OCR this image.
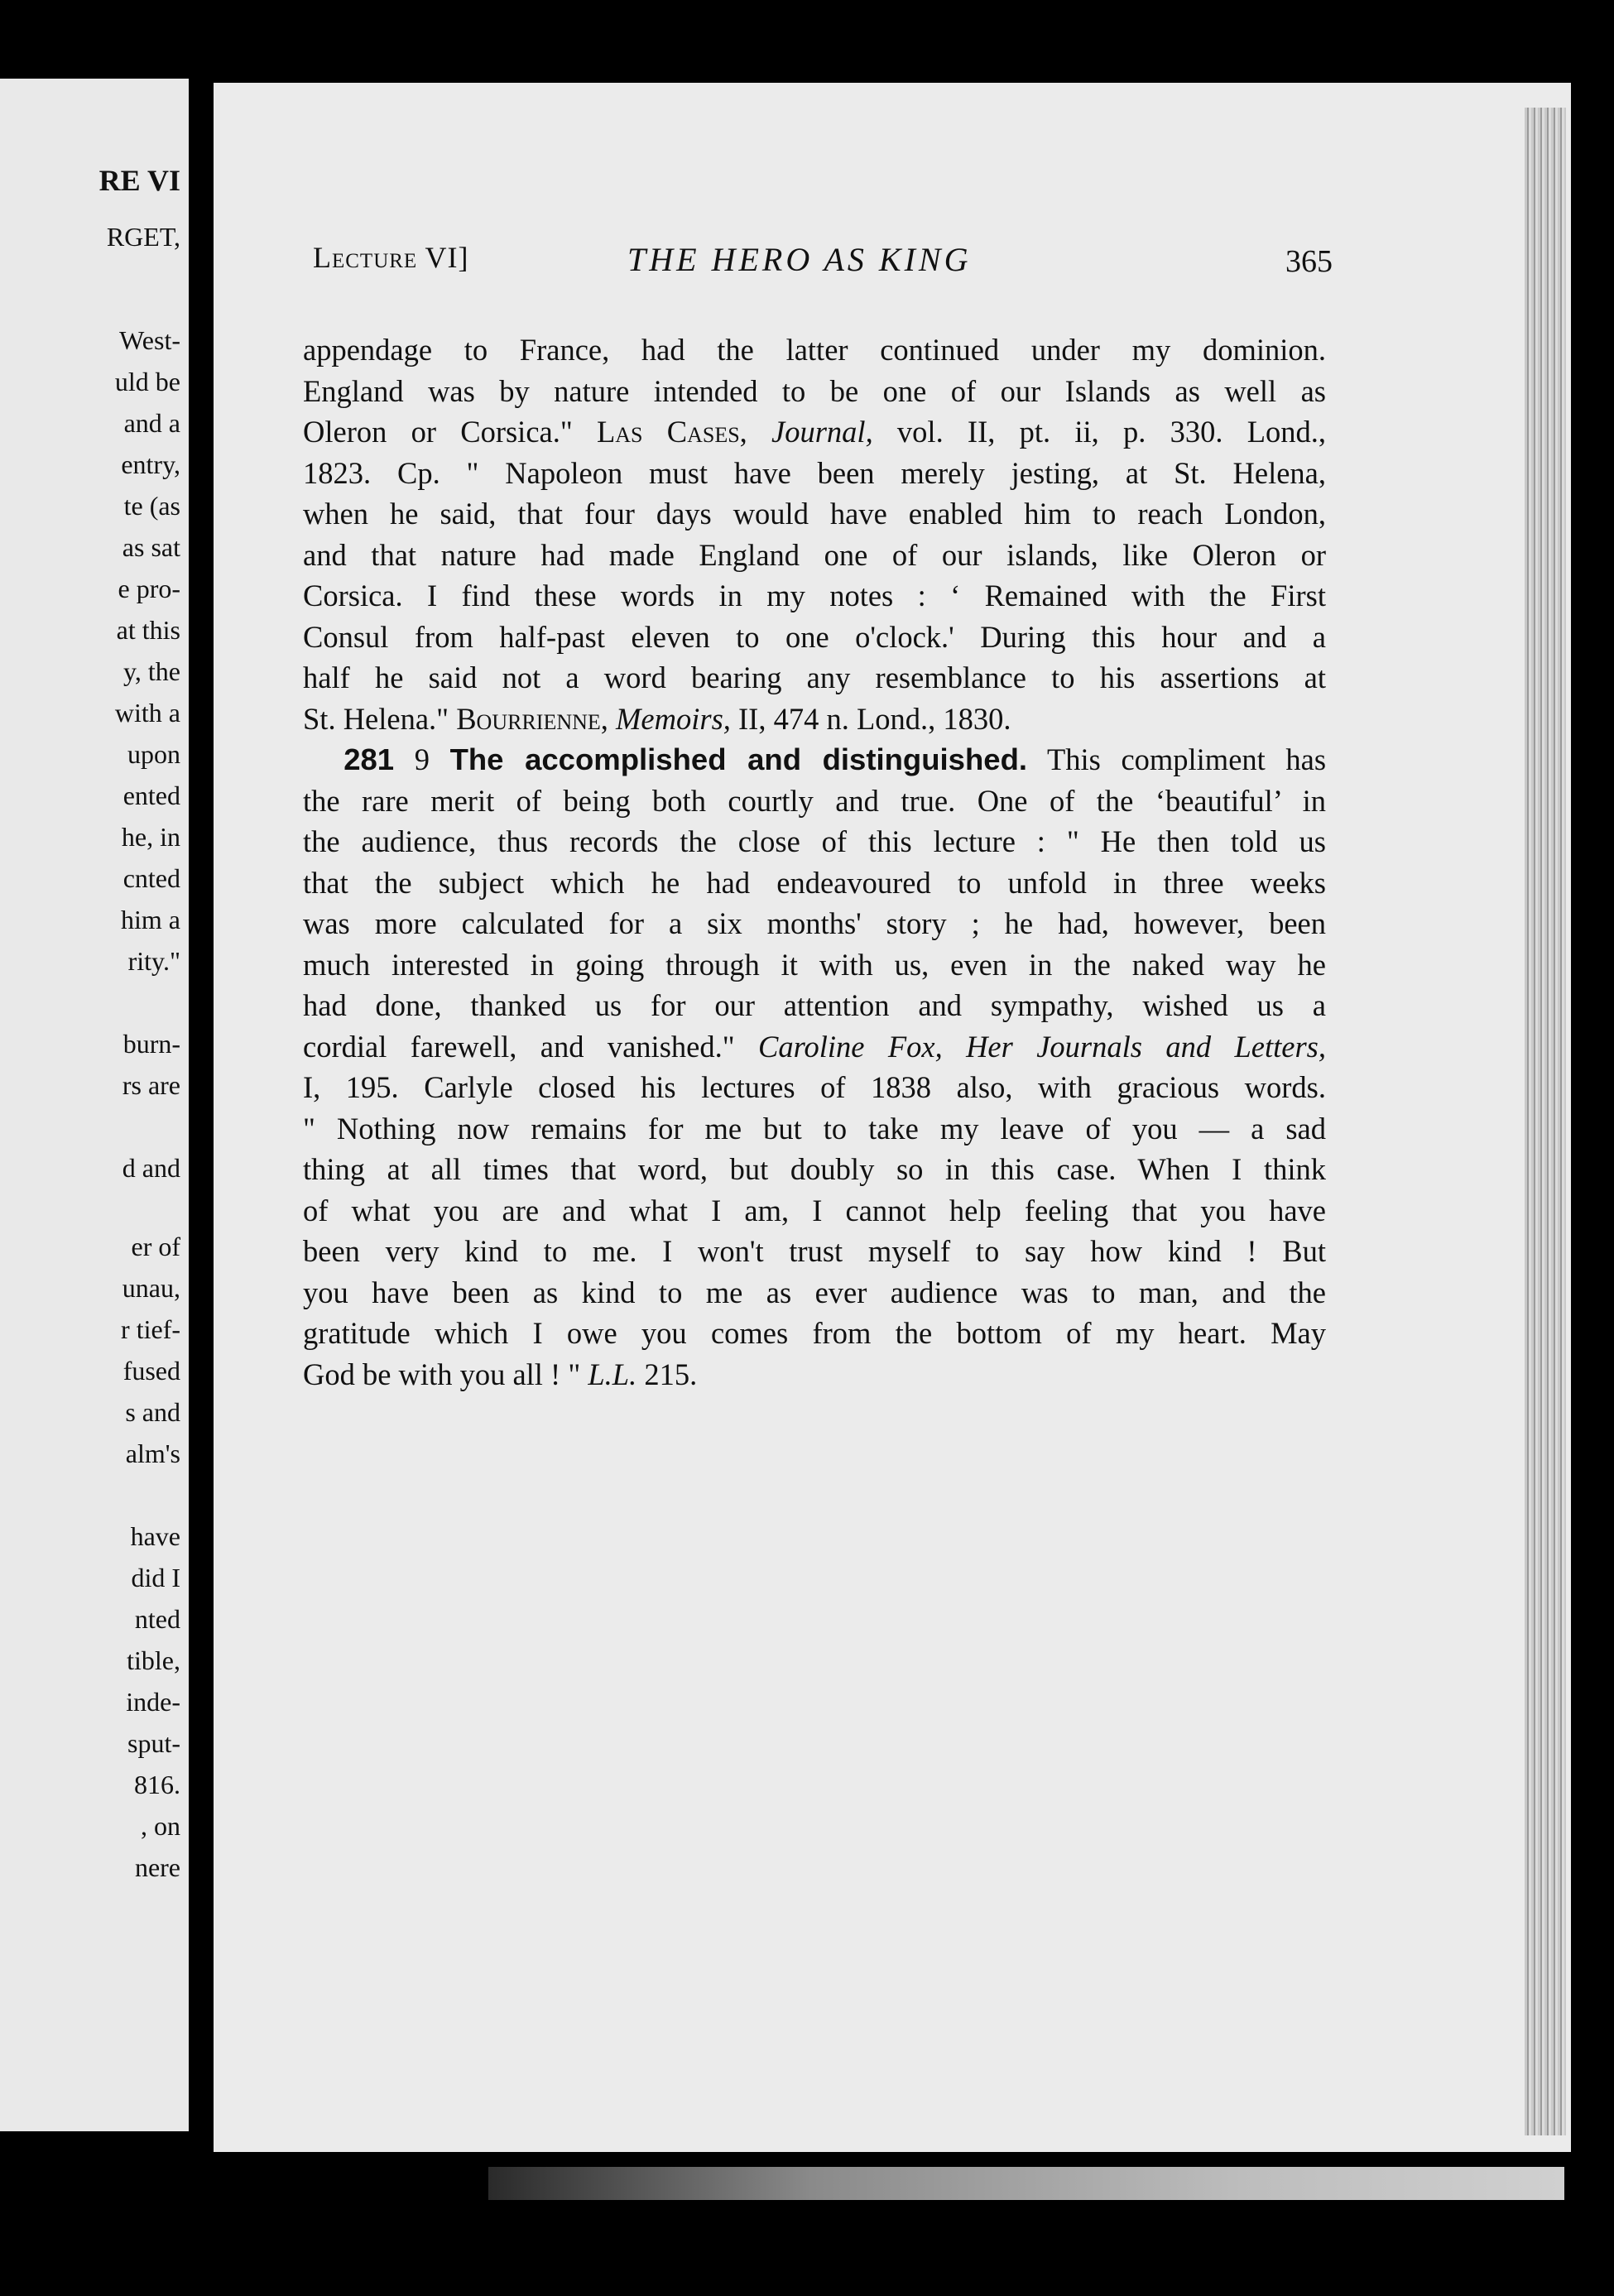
RE VI
RGET,
West-
uld be
and a
entry,
te (as
as sat
e pro-
at this
y, the
with a
upon
ented
he, in
cnted
him a
rity."
burn-
rs are
d and
er of
unau,
r tief-
fused
s and
alm's
have
did I
nted
tible,
inde-
sput-
816.
, on
nere
Lecture VI]	THE HERO AS KING	365
appendage to France, had the latter continued under my dominion.
England was by nature intended to be one of our Islands as well as
Oleron or Corsica." Las Cases, Journal, vol. II, pt. ii, p. 330. Lond.,
1823. Cp. " Napoleon must have been merely jesting, at St. Helena,
when he said, that four days would have enabled him to reach London,
and that nature had made England one of our islands, like Oleron or
Corsica. I find these words in my notes : ‘ Remained with the First
Consul from half-past eleven to one o'clock.' During this hour and a
half he said not a word bearing any resemblance to his assertions at
St. Helena." Bourrienne, Memoirs, II, 474 n. Lond., 1830.
281 9 The accomplished and distinguished. This compliment has
the rare merit of being both courtly and true. One of the ‘beautiful’ in
the audience, thus records the close of this lecture : " He then told us
that the subject which he had endeavoured to unfold in three weeks
was more calculated for a six months' story ; he had, however, been
much interested in going through it with us, even in the naked way he
had done, thanked us for our attention and sympathy, wished us a
cordial farewell, and vanished." Caroline Fox, Her Journals and Letters,
I, 195. Carlyle closed his lectures of 1838 also, with gracious words.
" Nothing now remains for me but to take my leave of you — a sad
thing at all times that word, but doubly so in this case. When I think
of what you are and what I am, I cannot help feeling that you have
been very kind to me. I won't trust myself to say how kind ! But
you have been as kind to me as ever audience was to man, and the
gratitude which I owe you comes from the bottom of my heart. May
God be with you all ! " L.L. 215.
